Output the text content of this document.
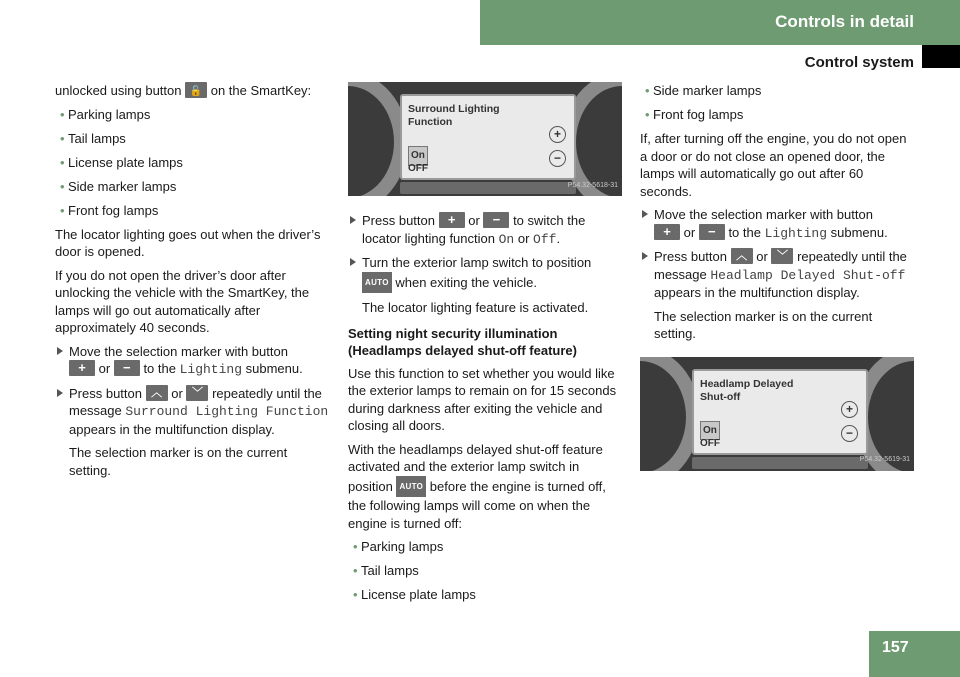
Controls in detail
Control system

unlocked using button 🔓 on the SmartKey:

• Parking lamps
• Tail lamps
• License plate lamps
• Side marker lamps
• Front fog lamps

The locator lighting goes out when the driver’s door is opened.

If you do not open the driver’s door after unlocking the vehicle with the SmartKey, the lamps will go out automatically after approximately 40 seconds.

Move the selection marker with button
+ or −	to the Lighting submenu.
Press button ︿ or ﹀ repeatedly until the message Surround Lighting Function appears in the multifunction display.

The selection marker is on the current setting.

Surround Lighting Function
On
OFF
+
−
P54.32-5618-31
Press button +	or −	to switch the locator lighting function On or Off.
Turn the exterior lamp switch to position AUTO when exiting the vehicle.

The locator lighting feature is activated.

Setting night security illumination (Headlamps delayed shut-off feature)

Use this function to set whether you would like the exterior lamps to remain on for 15 seconds during darkness after exiting the vehicle and closing all doors.

With the headlamps delayed shut-off feature activated and the exterior lamp switch in position AUTO before the engine is turned off, the following lamps will come on when the engine is turned off:

• Parking lamps
• Tail lamps
• License plate lamps
• Side marker lamps
• Front fog lamps

If, after turning off the engine, you do not open a door or do not close an opened door, the lamps will automatically go out after 60 seconds.

Move the selection marker with button
+ or −	to the Lighting submenu.
Press button ︿ or ﹀ repeatedly until the message Headlamp Delayed Shut-off appears in the multifunction display.

The selection marker is on the current setting.

Headlamp Delayed Shut-off
On
OFF
+
−
P54.32-5619-31
157
